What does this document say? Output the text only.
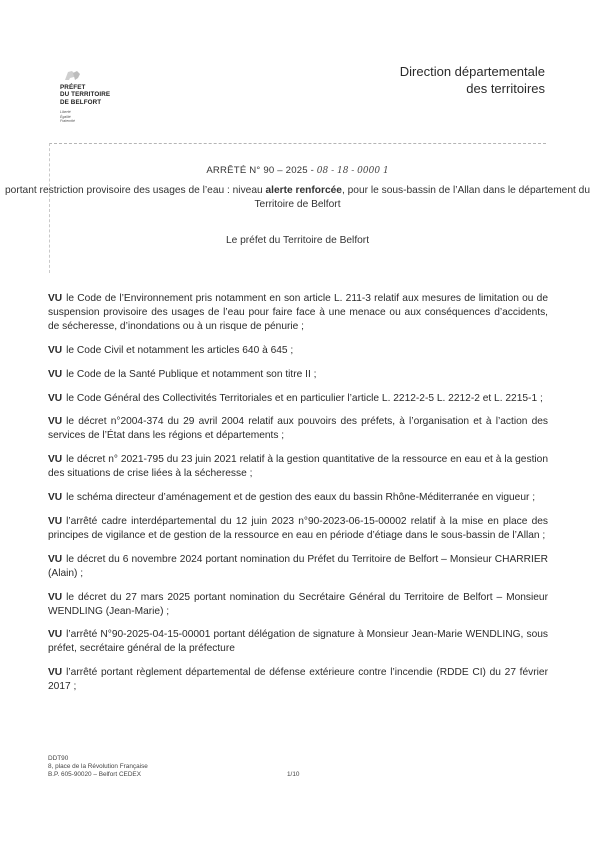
PRÉFET
DU TERRITOIRE
DE BELFORT
Liberté
Égalité
Fraternité
Direction départementale
des territoires
ARRÊTÉ N° 90 – 2025 - 08 - 18 - 0000 1
portant restriction provisoire des usages de l’eau : niveau alerte renforcée, pour le sous-bassin de l’Allan dans le département du Territoire de Belfort
Le préfet du Territoire de Belfort

VU le Code de l’Environnement pris notamment en son article L. 211-3 relatif aux mesures de limitation ou de suspension provisoire des usages de l’eau pour faire face à une menace ou aux conséquences d’accidents, de sécheresse, d’inondations ou à un risque de pénurie ;

VU le Code Civil et notamment les articles 640 à 645 ;

VU le Code de la Santé Publique et notamment son titre II ;

VU le Code Général des Collectivités Territoriales et en particulier l’article L. 2212-2-5 L. 2212-2 et L. 2215-1 ;

VU le décret n°2004-374 du 29 avril 2004 relatif aux pouvoirs des préfets, à l’organisation et à l’action des services de l’État dans les régions et départements ;

VU le décret n° 2021-795 du 23 juin 2021 relatif à la gestion quantitative de la ressource en eau et à la gestion des situations de crise liées à la sécheresse ;

VU le schéma directeur d’aménagement et de gestion des eaux du bassin Rhône-Méditerranée en vigueur ;

VU l’arrêté cadre interdépartemental du 12 juin 2023 n°90-2023-06-15-00002 relatif à la mise en place des principes de vigilance et de gestion de la ressource en eau en période d’étiage dans le sous-bassin de l’Allan ;

VU le décret du 6 novembre 2024 portant nomination du Préfet du Territoire de Belfort – Monsieur CHARRIER (Alain) ;

VU le décret du 27 mars 2025 portant nomination du Secrétaire Général du Territoire de Belfort – Monsieur WENDLING (Jean-Marie) ;

VU l’arrêté N°90-2025-04-15-00001 portant délégation de signature à Monsieur Jean-Marie WENDLING, sous préfet, secrétaire général de la préfecture

VU l’arrêté portant règlement départemental de défense extérieure contre l’incendie (RDDE CI) du 27 février 2017 ;

DDT90
8, place de la Révolution Française
B.P. 605-90020 – Belfort CEDEX	1/10
